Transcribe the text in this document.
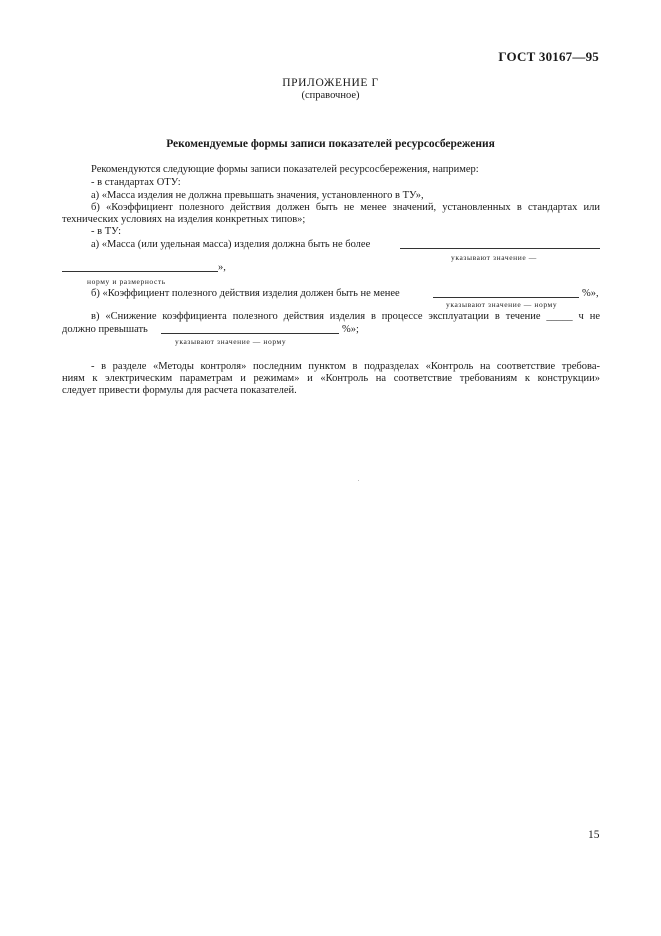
ГОСТ 30167—95
ПРИЛОЖЕНИЕ Г
(справочное)
Рекомендуемые формы записи показателей ресурсосбережения
Рекомендуются следующие формы записи показателей ресурсосбережения, например:
- в стандартах ОТУ:
а) «Масса изделия не должна превышать значения, установленного в ТУ»,
б) «Коэффициент полезного действия должен быть не менее значений, установленных в стандартах или
технических условиях на изделия конкретных типов»;
- в ТУ:
а) «Масса (или удельная масса) изделия должна быть не более
указывают значение —
»,
норму и размерность
б) «Коэффициент полезного действия изделия должен быть не менее	%»,
указывают значение — норму
в) «Снижение коэффициента полезного действия изделия в процессе эксплуатации в течение _____ ч не
должно превышать	%»;
указывают значение — норму
- в разделе «Методы контроля» последним пунктом в подразделах «Контроль на соответствие требова-
ниям к электрическим параметрам и режимам» и «Контроль на соответствие требованиям к конструкции»
следует привести формулы для расчета показателей.
15
